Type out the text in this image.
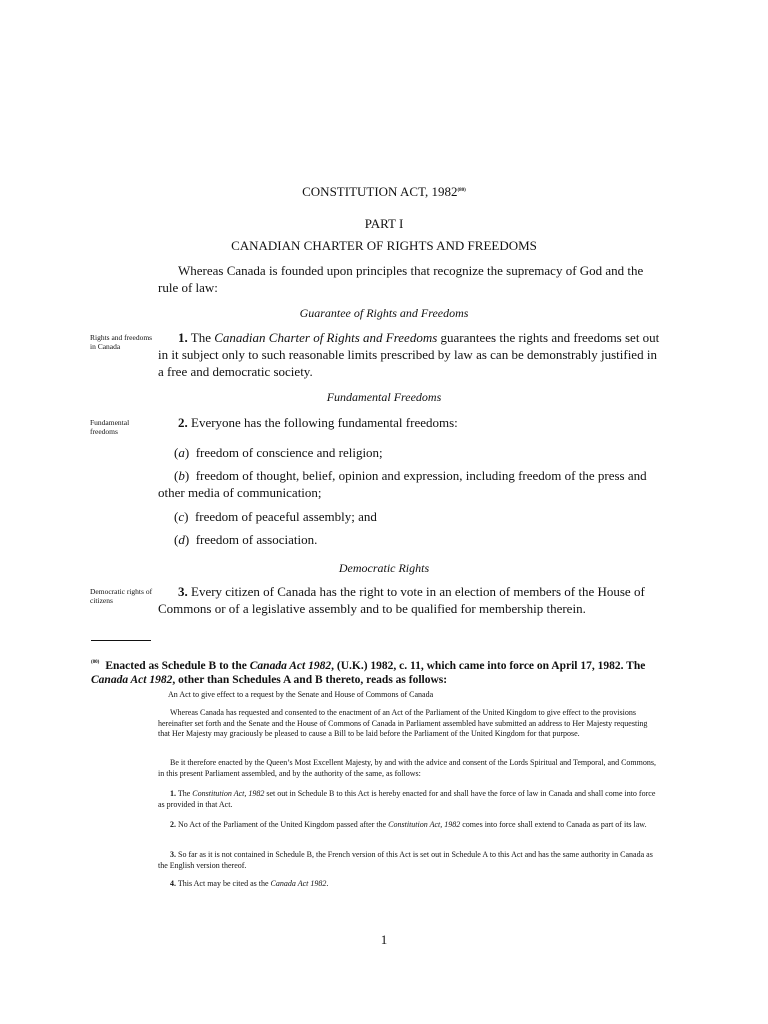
CONSTITUTION ACT, 1982$^{(80)}$
PART I
CANADIAN CHARTER OF RIGHTS AND FREEDOMS
Whereas Canada is founded upon principles that recognize the supremacy of God and the rule of law:
Guarantee of Rights and Freedoms
Rights and freedoms in Canada
1. The Canadian Charter of Rights and Freedoms guarantees the rights and freedoms set out in it subject only to such reasonable limits prescribed by law as can be demonstrably justified in a free and democratic society.
Fundamental Freedoms
Fundamental freedoms
2. Everyone has the following fundamental freedoms:
(a)  freedom of conscience and religion;
(b)  freedom of thought, belief, opinion and expression, including freedom of the press and other media of communication;
(c)  freedom of peaceful assembly; and
(d)  freedom of association.
Democratic Rights
Democratic rights of citizens
3. Every citizen of Canada has the right to vote in an election of members of the House of Commons or of a legislative assembly and to be qualified for membership therein.
$^{(80)}$ Enacted as Schedule B to the Canada Act 1982, (U.K.) 1982, c. 11, which came into force on April 17, 1982. The Canada Act 1982, other than Schedules A and B thereto, reads as follows:
An Act to give effect to a request by the Senate and House of Commons of Canada

Whereas Canada has requested and consented to the enactment of an Act of the Parliament of the United Kingdom to give effect to the provisions hereinafter set forth and the Senate and the House of Commons of Canada in Parliament assembled have submitted an address to Her Majesty requesting that Her Majesty may graciously be pleased to cause a Bill to be laid before the Parliament of the United Kingdom for that purpose.

Be it therefore enacted by the Queen’s Most Excellent Majesty, by and with the advice and consent of the Lords Spiritual and Temporal, and Commons, in this present Parliament assembled, and by the authority of the same, as follows:

1. The Constitution Act, 1982 set out in Schedule B to this Act is hereby enacted for and shall have the force of law in Canada and shall come into force as provided in that Act.

2. No Act of the Parliament of the United Kingdom passed after the Constitution Act, 1982 comes into force shall extend to Canada as part of its law.

3. So far as it is not contained in Schedule B, the French version of this Act is set out in Schedule A to this Act and has the same authority in Canada as the English version thereof.

4. This Act may be cited as the Canada Act 1982.

1
